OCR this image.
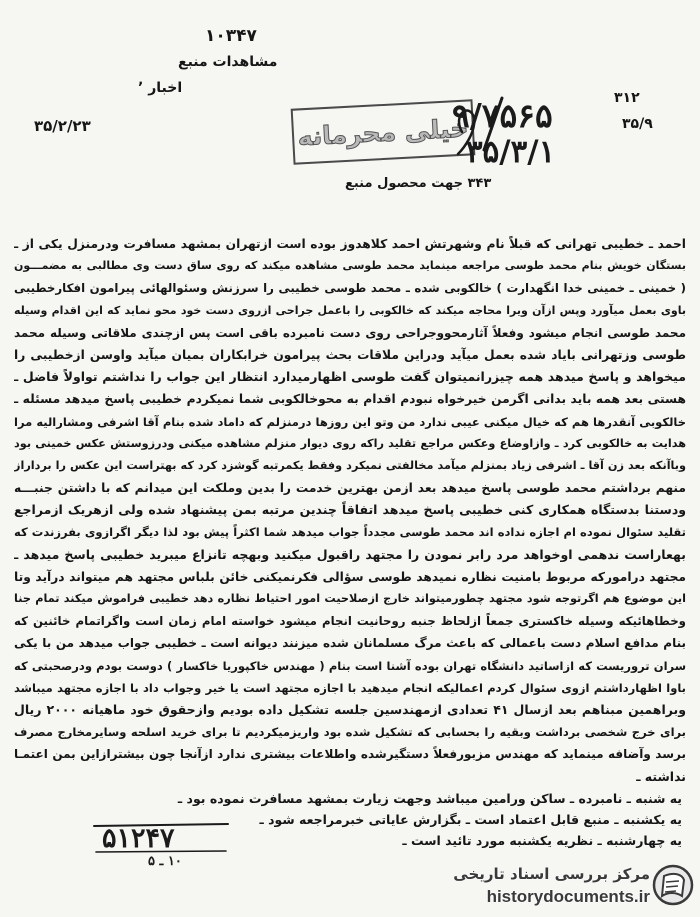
۱۰۳۴۷
مشاهدات منبع
اخبار ٬
۳۵/۲/۲۳
۳۱۲
۳۵/۹
خیلی محرمانه
۹/۷۵۶۵
۳۵/۳/۱
۳۴۳ جهت محصول منبع
احمد ـ خطیبی تهرانی که قبلاً نام وشهرتش احمد کلاهدوز بوده است ازتهران بمشهد مسافرت ودرمنزل یکی از ـ
بستگان خویش بنام محمد طوسی مراجعه مینماید محمد طوسی مشاهده میکند که روی ساق دست وی مطالبی به مضمـــون
( خمینی ـ خمینی خدا انگهدارت ) خالکوبی شده ـ محمد طوسی خطیبی را سرزنش وسئوالهائی پیرامون افکارخطیبی
باوی بعمل میآورد وپس ازآن ویرا محاجه میکند که خالکوبی را باعمل جراحی ازروی دست خود محو نماید که این اقدام وسیله
محمد طوسی انجام میشود وفعلاً آثارمحووجراحی روی دست نامبرده باقی است پس ازچندی ملاقاتی وسیله محمد
طوسی وزتهرانی بایاد شده بعمل میآید ودراین ملاقات بحث پیرامون خرابکاران بمیان میآید واوسن ازخطیبی را
میخواهد و پاسخ میدهد همه چیزرانمیتوان گفت طوسی اظهارمیدارد انتظار این جواب را نداشتم تواولاً فاضل ـ
هستی بعد همه باید بدانی اگرمن خیرخواه نبودم اقدام به محوخالکوبی شما نمیکردم خطیبی پاسخ میدهد مسئله ـ
خالکوبی آنقدرها هم که خیال میکنی عیبی ندارد من وتو این روزها درمنزلم که داماد شده بنام آقا اشرفی ومشارالیه مرا
هدایت به خالکوبی کرد ـ وازاوضاع وعکس مراجع تقلید راکه روی دیوار منزلم مشاهده میکنی ودرزوستش عکس خمینی بود
وباآنکه بعد زن آقا ـ اشرفی زیاد بمنزلم میآمد مخالفتی نمیکرد وفقط یکمرتبه گوشزد کرد که بهتراست این عکس را برداراز
منهم برداشتم محمد طوسی پاسخ میدهد بعد ازمن بهترین خدمت را بدین وملکت این میدانم که با داشتن جنبـــه
ودستنا بدستگاه همکاری کنی خطیبی پاسخ میدهد اتفاقاً چندین مرتبه بمن پیشنهاد شده ولی ازهریک ازمراجع
تقلید سئوال نموده ام اجازه نداده اند محمد طوسی مجدداً جواب میدهد شما اکثراً پیش بود لذا دیگر اگرازوی بفرزندت که
بهعاراست ندهمی اوخواهد مرد رابر نمودن را مجتهد راقبول میکنید وبهچه تانزاع میبرید خطیبی پاسخ میدهد ـ
مجتهد درامورکه مربوط بامنیت نظاره نمیدهد طوسی سؤالی فکرنمیکنی خائن بلباس مجتهد هم میتواند درآید وتا
این موضوع هم اگرتوجه شود مجتهد چطورمیتواند خارج ازصلاحیت امور احتیاط نظاره دهد خطیبی فراموش میکند تمام جنا
وخطاهائیکه وسیله خاکستری جمعاً ازلحاظ جنبه روحانیت انجام میشود خواسته امام زمان است واگراتمام خائنین که
بنام مدافع اسلام دست باعمالی که باعث مرگ مسلمانان شده میزنند دیوانه است ـ خطیبی جواب میدهد من با یکی
سران تروریست که ازاساتید دانشگاه تهران بوده آشنا است بنام ( مهندس خاکپوریا خاکسار ) دوست بودم ودرصحبتی که
باوا اظهارداشتم ازوی سئوال کردم اعمالیکه انجام میدهید با اجازه مجتهد است یا خیر وجواب داد با اجازه مجتهد میباشد
وبراهمین مبناهم بعد ازسال ۴۱ تعدادی ازمهندسین جلسه تشکیل داده بودیم وازحقوق خود ماهیانه ۲۰۰۰ ریال
برای خرج شخصی برداشت وبقیه را بحسابی که تشکیل شده بود واریزمیکردیم تا برای خرید اسلحه وسایرمخارج مصرف
برسد وآضافه مینماید که مهندس مزبورفعلاً دستگیرشده واطلاعات بیشتری ندارد ازآنجا چون بیشترازاین بمن اعتمـا
نداشته ـ
یه شنبه ـ نامبرده ـ ساکن ورامین میباشد وجهت زیارت بمشهد مسافرت نموده بود ـ
یه یکشنبه ـ منبع قابل اعتماد است ـ بگزارش عایاتی خبرمراجعه شود ـ
یه چهارشنبه ـ نظریه یکشنبه مورد تائید است ـ
۵۱۲۴۷
۱۰ ـ ۵
مرکز بررسی اسناد تاریخی
historydocuments.ir
